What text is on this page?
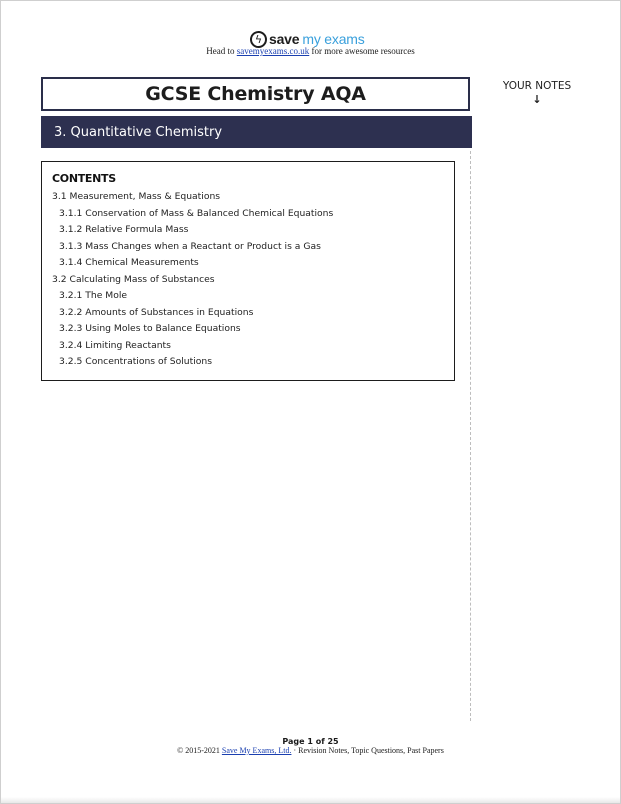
ϟ save my exams
Head to savemyexams.co.uk for more awesome resources
GCSE Chemistry AQA
3. Quantitative Chemistry
YOUR NOTES
↓
CONTENTS
3.1 Measurement, Mass & Equations
3.1.1 Conservation of Mass & Balanced Chemical Equations
3.1.2 Relative Formula Mass
3.1.3 Mass Changes when a Reactant or Product is a Gas
3.1.4 Chemical Measurements
3.2 Calculating Mass of Substances
3.2.1 The Mole
3.2.2 Amounts of Substances in Equations
3.2.3 Using Moles to Balance Equations
3.2.4 Limiting Reactants
3.2.5 Concentrations of Solutions
Page 1 of 25
© 2015-2021 Save My Exams, Ltd. · Revision Notes, Topic Questions, Past Papers
